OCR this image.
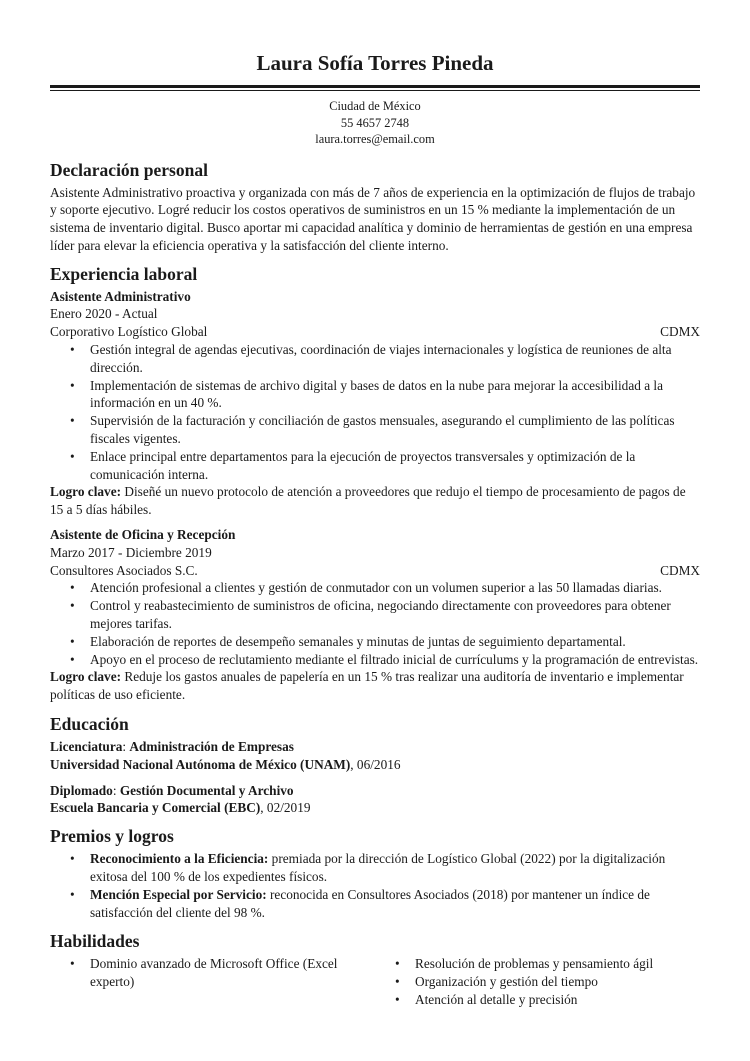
Laura Sofía Torres Pineda
Ciudad de México
55 4657 2748
laura.torres@email.com
Declaración personal

Asistente Administrativo proactiva y organizada con más de 7 años de experiencia en la optimización de flujos de trabajo y soporte ejecutivo. Logré reducir los costos operativos de suministros en un 15 % mediante la implementación de un sistema de inventario digital. Busco aportar mi capacidad analítica y dominio de herramientas de gestión en una empresa líder para elevar la eficiencia operativa y la satisfacción del cliente interno.

Experiencia laboral
Asistente Administrativo
Enero 2020 - Actual
Corporativo Logístico Global	CDMX
• Gestión integral de agendas ejecutivas, coordinación de viajes internacionales y logística de reuniones de alta dirección.
• Implementación de sistemas de archivo digital y bases de datos en la nube para mejorar la accesibilidad a la información en un 40 %.
• Supervisión de la facturación y conciliación de gastos mensuales, asegurando el cumplimiento de las políticas fiscales vigentes.
• Enlace principal entre departamentos para la ejecución de proyectos transversales y optimización de la comunicación interna.

Logro clave: Diseñé un nuevo protocolo de atención a proveedores que redujo el tiempo de procesamiento de pagos de 15 a 5 días hábiles.

Asistente de Oficina y Recepción
Marzo 2017 - Diciembre 2019
Consultores Asociados S.C.	CDMX
• Atención profesional a clientes y gestión de conmutador con un volumen superior a las 50 llamadas diarias.
• Control y reabastecimiento de suministros de oficina, negociando directamente con proveedores para obtener mejores tarifas.
• Elaboración de reportes de desempeño semanales y minutas de juntas de seguimiento departamental.
• Apoyo en el proceso de reclutamiento mediante el filtrado inicial de currículums y la programación de entrevistas.

Logro clave: Reduje los gastos anuales de papelería en un 15 % tras realizar una auditoría de inventario e implementar políticas de uso eficiente.

Educación
Licenciatura: Administración de Empresas
Universidad Nacional Autónoma de México (UNAM), 06/2016
Diplomado: Gestión Documental y Archivo
Escuela Bancaria y Comercial (EBC), 02/2019
Premios y logros
• Reconocimiento a la Eficiencia: premiada por la dirección de Logístico Global (2022) por la digitalización exitosa del 100 % de los expedientes físicos.
• Mención Especial por Servicio: reconocida en Consultores Asociados (2018) por mantener un índice de satisfacción del cliente del 98 %.
Habilidades
• Dominio avanzado de Microsoft Office (Excel experto)
• Resolución de problemas y pensamiento ágil
• Organización y gestión del tiempo
• Atención al detalle y precisión
